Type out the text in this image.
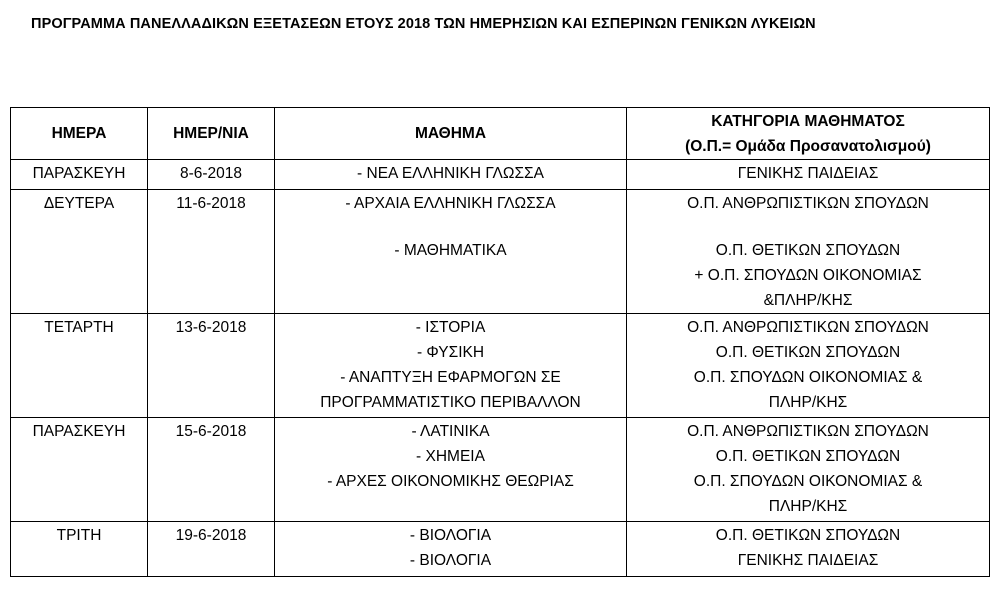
ΠΡΟΓΡΑΜΜΑ ΠΑΝΕΛΛΑΔΙΚΩΝ ΕΞΕΤΑΣΕΩΝ ΕΤΟΥΣ 2018 ΤΩΝ ΗΜΕΡΗΣΙΩΝ ΚΑΙ ΕΣΠΕΡΙΝΩΝ ΓΕΝΙΚΩΝ ΛΥΚΕΙΩΝ
ΗΜΕΡΑ	ΗΜΕΡ/ΝΙΑ	ΜΑΘΗΜΑ	ΚΑΤΗΓΟΡΙΑ ΜΑΘΗΜΑΤΟΣ
(Ο.Π.= Ομάδα Προσανατολισμού)

ΠΑΡΑΣΚΕΥΗ	8-6-2018	- ΝΕΑ ΕΛΛΗΝΙΚΗ ΓΛΩΣΣΑ	ΓΕΝΙΚΗΣ ΠΑΙΔΕΙΑΣ

ΔΕΥΤΕΡΑ	11-6-2018	- ΑΡΧΑΙΑ ΕΛΛΗΝΙΚΗ ΓΛΩΣΣΑ
- ΜΑΘΗΜΑΤΙΚΑ	Ο.Π. ΑΝΘΡΩΠΙΣΤΙΚΩΝ ΣΠΟΥΔΩΝ
Ο.Π. ΘΕΤΙΚΩΝ ΣΠΟΥΔΩΝ
+ Ο.Π. ΣΠΟΥΔΩΝ ΟΙΚΟΝΟΜΙΑΣ
&ΠΛΗΡ/ΚΗΣ

ΤΕΤΑΡΤΗ	13-6-2018	- ΙΣΤΟΡΙΑ
- ΦΥΣΙΚΗ
- ΑΝΑΠΤΥΞΗ ΕΦΑΡΜΟΓΩΝ ΣΕ
ΠΡΟΓΡΑΜΜΑΤΙΣΤΙΚΟ ΠΕΡΙΒΑΛΛΟΝ	Ο.Π. ΑΝΘΡΩΠΙΣΤΙΚΩΝ ΣΠΟΥΔΩΝ
Ο.Π. ΘΕΤΙΚΩΝ ΣΠΟΥΔΩΝ
Ο.Π. ΣΠΟΥΔΩΝ ΟΙΚΟΝΟΜΙΑΣ &
ΠΛΗΡ/ΚΗΣ

ΠΑΡΑΣΚΕΥΗ	15-6-2018	- ΛΑΤΙΝΙΚΑ
- ΧΗΜΕΙΑ
- ΑΡΧΕΣ ΟΙΚΟΝΟΜΙΚΗΣ ΘΕΩΡΙΑΣ	Ο.Π. ΑΝΘΡΩΠΙΣΤΙΚΩΝ ΣΠΟΥΔΩΝ
Ο.Π. ΘΕΤΙΚΩΝ ΣΠΟΥΔΩΝ
Ο.Π. ΣΠΟΥΔΩΝ ΟΙΚΟΝΟΜΙΑΣ &
ΠΛΗΡ/ΚΗΣ

ΤΡΙΤΗ	19-6-2018	- ΒΙΟΛΟΓΙΑ
- ΒΙΟΛΟΓΙΑ	Ο.Π. ΘΕΤΙΚΩΝ ΣΠΟΥΔΩΝ
ΓΕΝΙΚΗΣ ΠΑΙΔΕΙΑΣ
